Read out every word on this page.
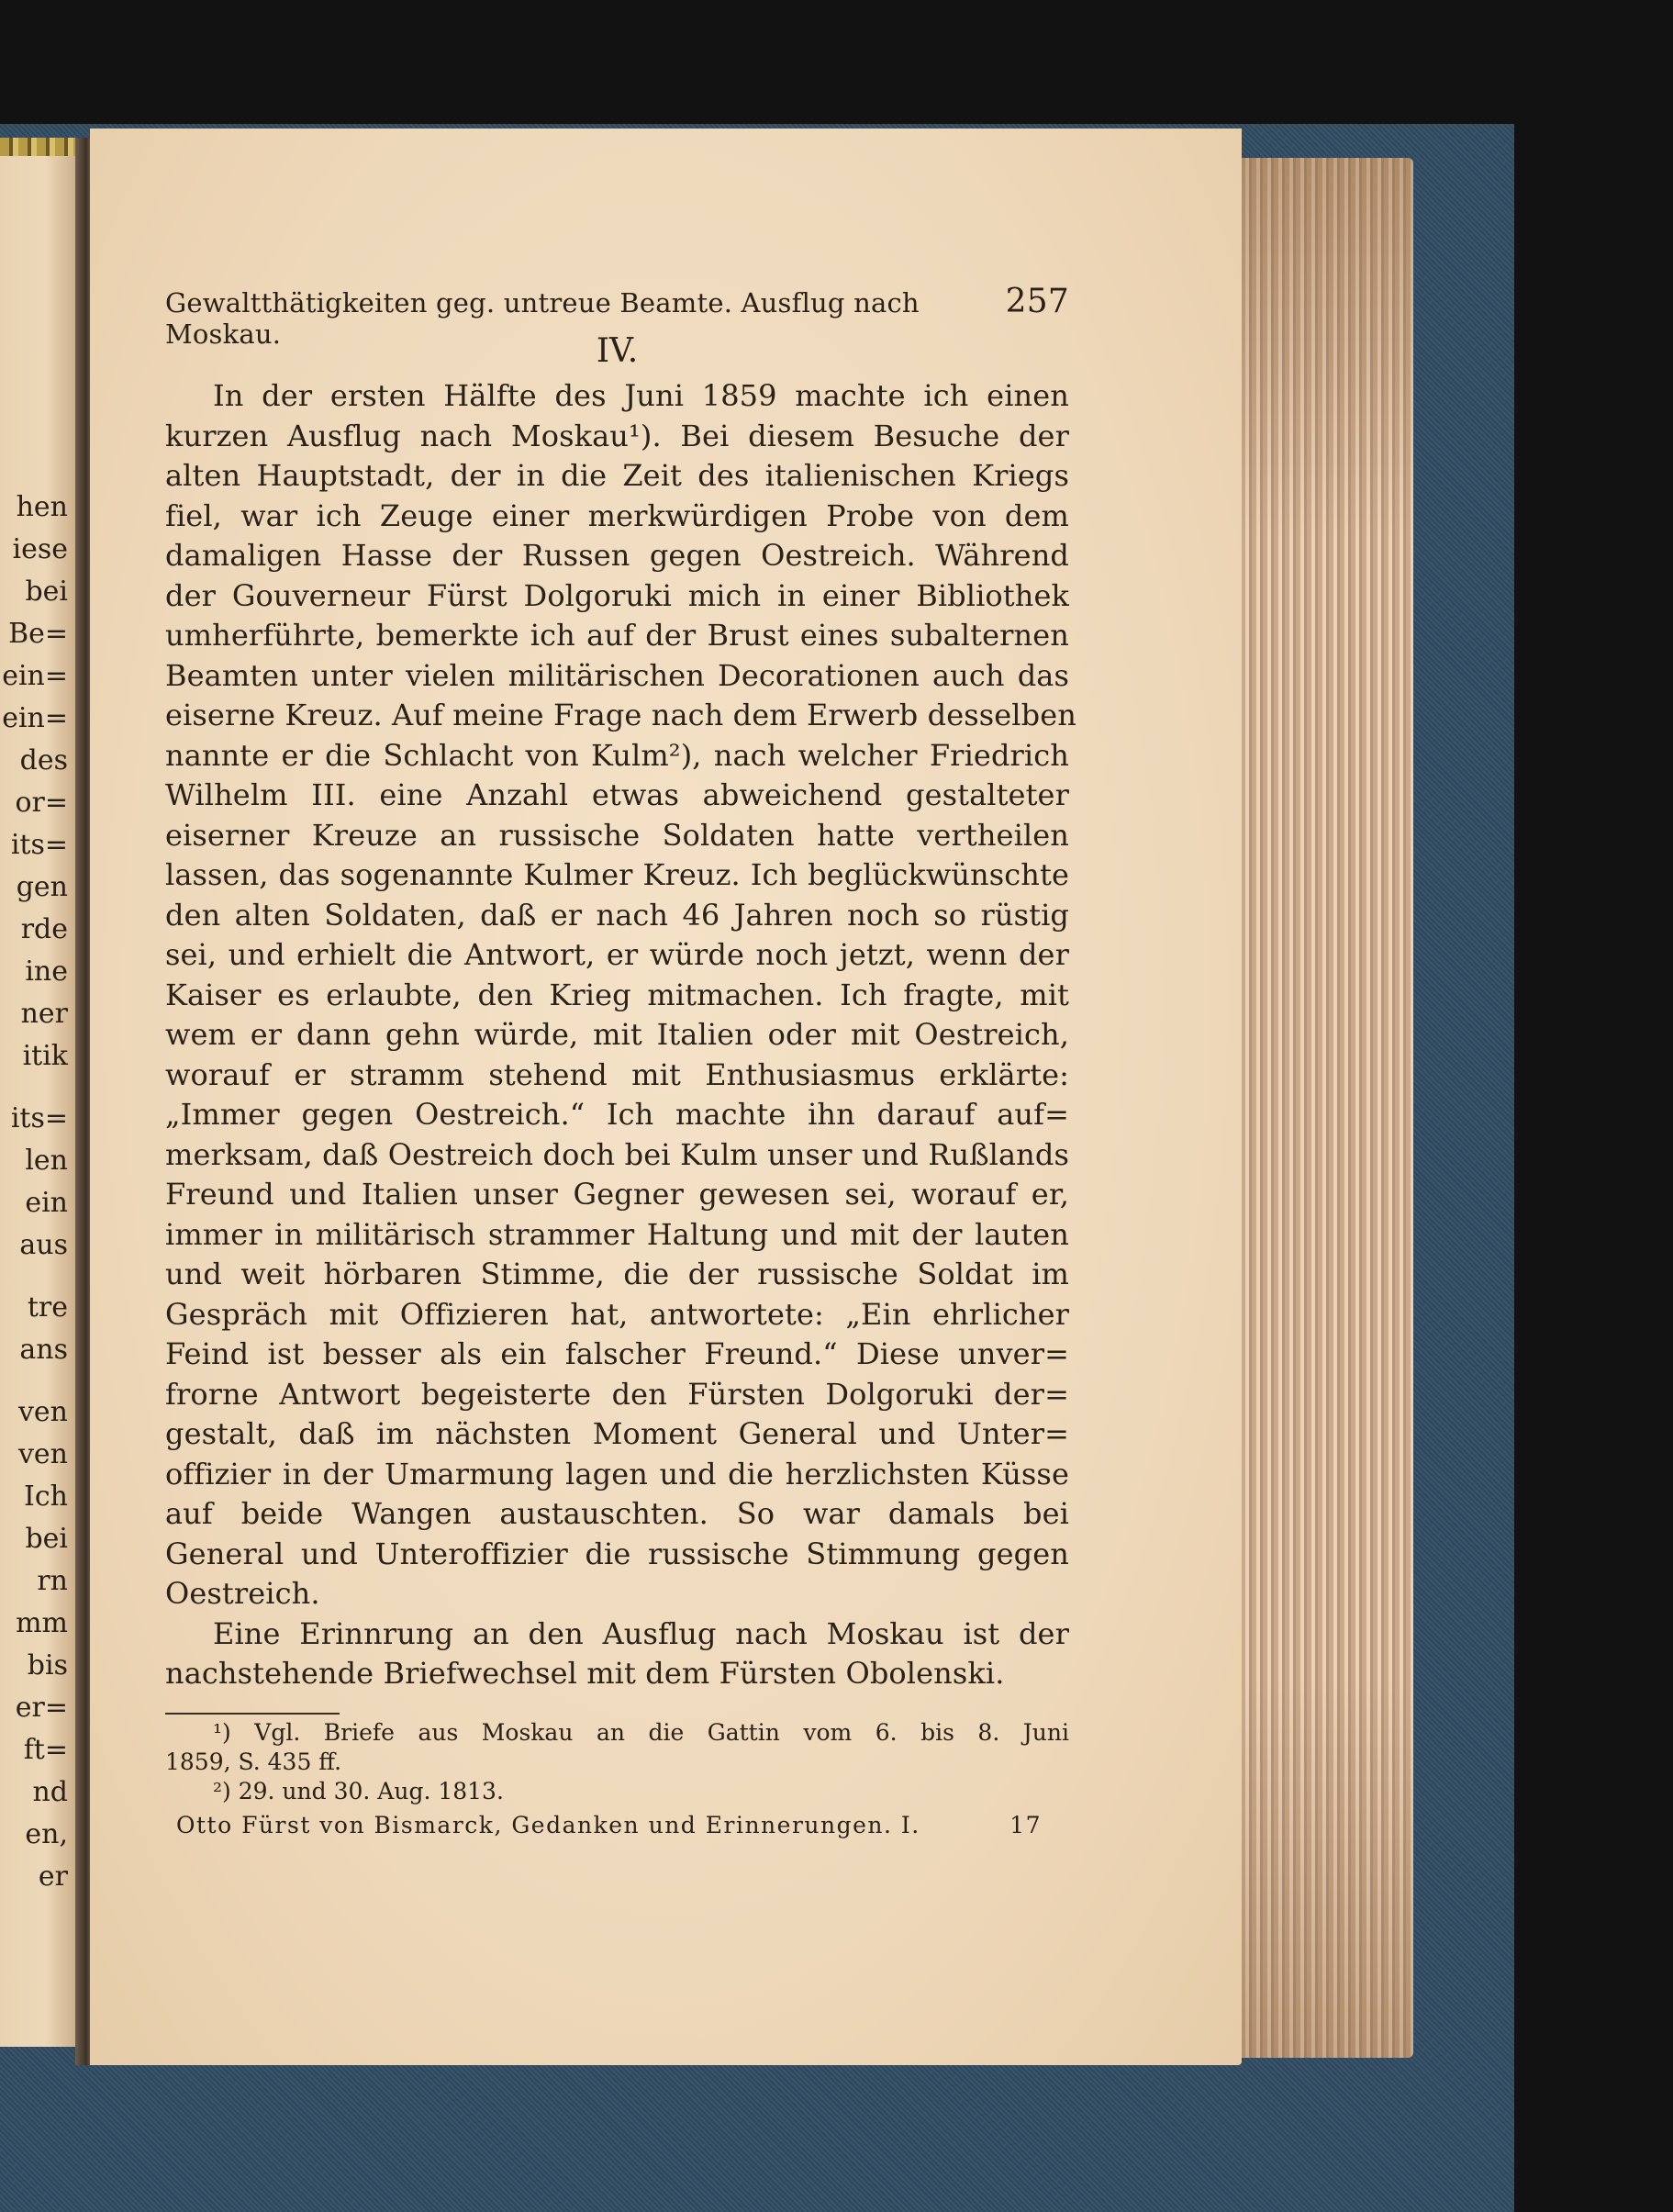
hen
iese
bei
Be=
ein=
ein=
des
or=
its=
gen
rde
ine
ner
itik
its=
len
ein
aus
tre
ans
ven
ven
Ich
bei
rn
mm
bis
er=
ft=
nd
en,
er
Gewaltthätigkeiten geg. untreue Beamte. Ausflug nach Moskau.
257
IV.
In der ersten Hälfte des Juni 1859 machte ich einen
kurzen Ausflug nach Moskau¹). Bei diesem Besuche der
alten Hauptstadt, der in die Zeit des italienischen Kriegs
fiel, war ich Zeuge einer merkwürdigen Probe von dem
damaligen Hasse der Russen gegen Oestreich. Während
der Gouverneur Fürst Dolgoruki mich in einer Bibliothek
umherführte, bemerkte ich auf der Brust eines subalternen
Beamten unter vielen militärischen Decorationen auch das
eiserne Kreuz. Auf meine Frage nach dem Erwerb desselben
nannte er die Schlacht von Kulm²), nach welcher Friedrich
Wilhelm III. eine Anzahl etwas abweichend gestalteter
eiserner Kreuze an russische Soldaten hatte vertheilen
lassen, das sogenannte Kulmer Kreuz. Ich beglückwünschte
den alten Soldaten, daß er nach 46 Jahren noch so rüstig
sei, und erhielt die Antwort, er würde noch jetzt, wenn der
Kaiser es erlaubte, den Krieg mitmachen. Ich fragte, mit
wem er dann gehn würde, mit Italien oder mit Oestreich,
worauf er stramm stehend mit Enthusiasmus erklärte:
„Immer gegen Oestreich.“ Ich machte ihn darauf auf=
merksam, daß Oestreich doch bei Kulm unser und Rußlands
Freund und Italien unser Gegner gewesen sei, worauf er,
immer in militärisch strammer Haltung und mit der lauten
und weit hörbaren Stimme, die der russische Soldat im
Gespräch mit Offizieren hat, antwortete: „Ein ehrlicher
Feind ist besser als ein falscher Freund.“ Diese unver=
frorne Antwort begeisterte den Fürsten Dolgoruki der=
gestalt, daß im nächsten Moment General und Unter=
offizier in der Umarmung lagen und die herzlichsten Küsse
auf beide Wangen austauschten. So war damals bei
General und Unteroffizier die russische Stimmung gegen
Oestreich.
Eine Erinnrung an den Ausflug nach Moskau ist der
nachstehende Briefwechsel mit dem Fürsten Obolenski.
¹) Vgl. Briefe aus Moskau an die Gattin vom 6. bis 8. Juni
1859, S. 435 ff.
²) 29. und 30. Aug. 1813.
Otto Fürst von Bismarck, Gedanken und Erinnerungen. I.	17
